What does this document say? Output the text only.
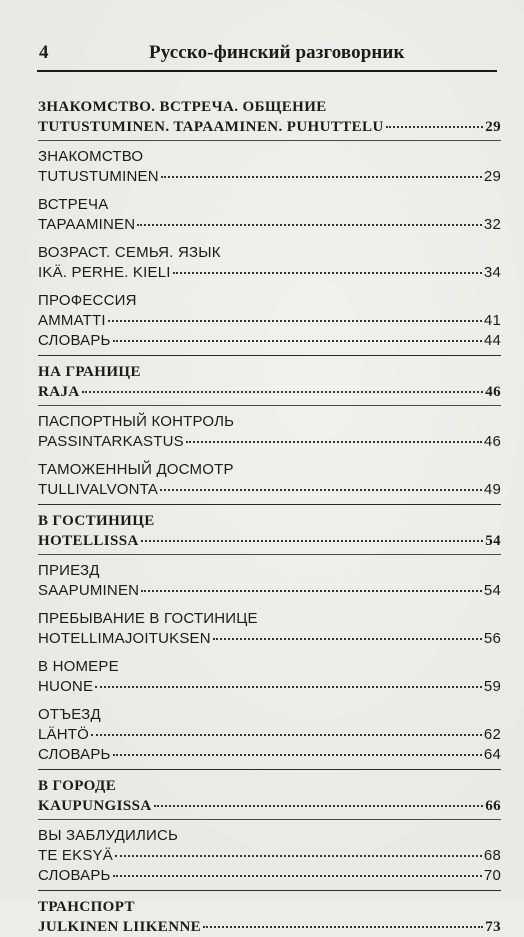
4	Русско-финский разговорник
ЗНАКОМСТВО. ВСТРЕЧА. ОБЩЕНИЕ
TUTUSTUMINEN. TAPAAMINEN. PUHUTTELU	29
ЗНАКОМСТВО
TUTUSTUMINEN	29
ВСТРЕЧА
TAPAAMINEN	32
ВОЗРАСТ. СЕМЬЯ. ЯЗЫК
IKÄ. PERHE. KIELI	34
ПРОФЕССИЯ
AMMATTI	41
СЛОВАРЬ	44
НА ГРАНИЦЕ
RAJA	46
ПАСПОРТНЫЙ КОНТРОЛЬ
PASSINTARKASTUS	46
ТАМОЖЕННЫЙ ДОСМОТР
TULLIVALVONTA	49
В ГОСТИНИЦЕ
HOTELLISSA	54
ПРИЕЗД
SAAPUMINEN	54
ПРЕБЫВАНИЕ В ГОСТИНИЦЕ
HOTELLIMAJOITUKSEN	56
В НОМЕРЕ
HUONE	59
ОТЪЕЗД
LÄHTÖ	62
СЛОВАРЬ	64
В ГОРОДЕ
KAUPUNGISSA	66
ВЫ ЗАБЛУДИЛИСЬ
TE EKSYÄ	68
СЛОВАРЬ	70
ТРАНСПОРТ
JULKINEN LIIKENNE	73
